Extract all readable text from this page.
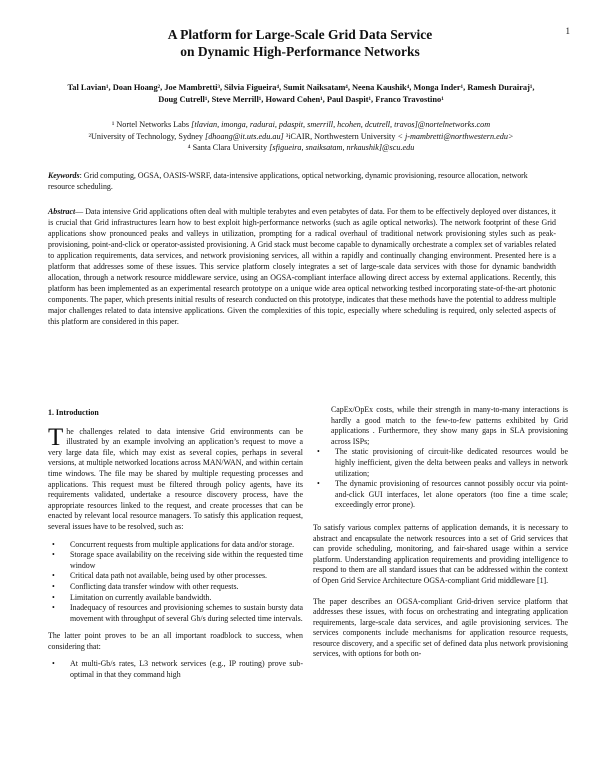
1
A Platform for Large-Scale Grid Data Service
on Dynamic High-Performance Networks
Tal Lavian¹, Doan Hoang², Joe Mambretti³, Silvia Figueira⁴, Sumit Naiksatam⁴, Neena Kaushik⁴, Monga Inder¹, Ramesh Durairaj¹,
Doug Cutrell¹, Steve Merrill¹, Howard Cohen¹, Paul Daspit¹, Franco Travostino¹
¹ Nortel Networks Labs [tlavian, imonga, radurai, pdaspit, smerrill, hcohen, dcutrell, travos]@nortelnetworks.com
²University of Technology, Sydney [dhoang@it.uts.edu.au] ³iCAIR, Northwestern University < j-mambretti@northwestern.edu>
⁴ Santa Clara University [sfigueira, snaiksatam, nrkaushik]@scu.edu
Keywords: Grid computing, OGSA, OASIS-WSRF, data-intensive applications, optical networking, dynamic provisioning, resource allocation, network resource scheduling.
Abstract— Data intensive Grid applications often deal with multiple terabytes and even petabytes of data. For them to be effectively deployed over distances, it is crucial that Grid infrastructures learn how to best exploit high-performance networks (such as agile optical networks). The network footprint of these Grid applications show pronounced peaks and valleys in utilization, prompting for a radical overhaul of traditional network provisioning styles such as peak-provisioning, point-and-click or operator-assisted provisioning. A Grid stack must become capable to dynamically orchestrate a complex set of variables related to application requirements, data services, and network provisioning services, all within a rapidly and continually changing environment. Presented here is a platform that addresses some of these issues. This service platform closely integrates a set of large-scale data services with those for dynamic bandwidth allocation, through a network resource middleware service, using an OGSA-compliant interface allowing direct access by external applications. Recently, this platform has been implemented as an experimental research prototype on a unique wide area optical networking testbed incorporating state-of-the-art photonic components. The paper, which presents initial results of research conducted on this prototype, indicates that these methods have the potential to address multiple major challenges related to data intensive applications. Given the complexities of this topic, especially where scheduling is required, only selected aspects of this platform are considered in this paper.
1. Introduction

The challenges related to data intensive Grid environments can be illustrated by an example involving an application’s request to move a very large data file, which may exist as several copies, perhaps in several versions, at multiple networked locations across MAN/WAN, and within certain time windows. The file may be shared by multiple requesting processes and applications. This request must be filtered through policy agents, have its requirements validated, undertake a resource discovery process, have the appropriate resources linked to the request, and create processes that can be enacted by relevant local resource managers. To satisfy this application request, several issues have to be resolved, such as:

• Concurrent requests from multiple applications for data and/or storage.
• Storage space availability on the receiving side within the requested time window
• Critical data path not available, being used by other processes.
• Conflicting data transfer window with other requests.
• Limitation on currently available bandwidth.
• Inadequacy of resources and provisioning schemes to sustain bursty data movement with throughput of several Gb/s during selected time intervals.

The latter point proves to be an all important roadblock to success, when considering that:

• At multi-Gb/s rates, L3 network services (e.g., IP routing) prove sub-optimal in that they command high

CapEx/OpEx costs, while their strength in many-to-many interactions is hardly a good match to the few-to-few patterns exhibited by Grid applications . Furthermore, they show many gaps in SLA provisioning across ISPs;

• The static provisioning of circuit-like dedicated resources would be highly inefficient, given the delta between peaks and valleys in network utilization;
• The dynamic provisioning of resources cannot possibly occur via point-and-click GUI interfaces, let alone operators (too fine a time scale; exceedingly error prone).

To satisfy various complex patterns of application demands, it is necessary to abstract and encapsulate the network resources into a set of Grid services that can provide scheduling, monitoring, and fair-shared usage within a service platform. Understanding application requirements and providing intelligence to respond to them are all standard issues that can be addressed within the context of Open Grid Service Architecture OGSA-compliant Grid middleware [1].

The paper describes an OGSA-compliant Grid-driven service platform that addresses these issues, with focus on orchestrating and integrating application requirements, large-scale data services, and agile provisioning services. The services components include mechanisms for application resource requests, resource discovery, and a specific set of defined data plus network provisioning services, with options for both on-
